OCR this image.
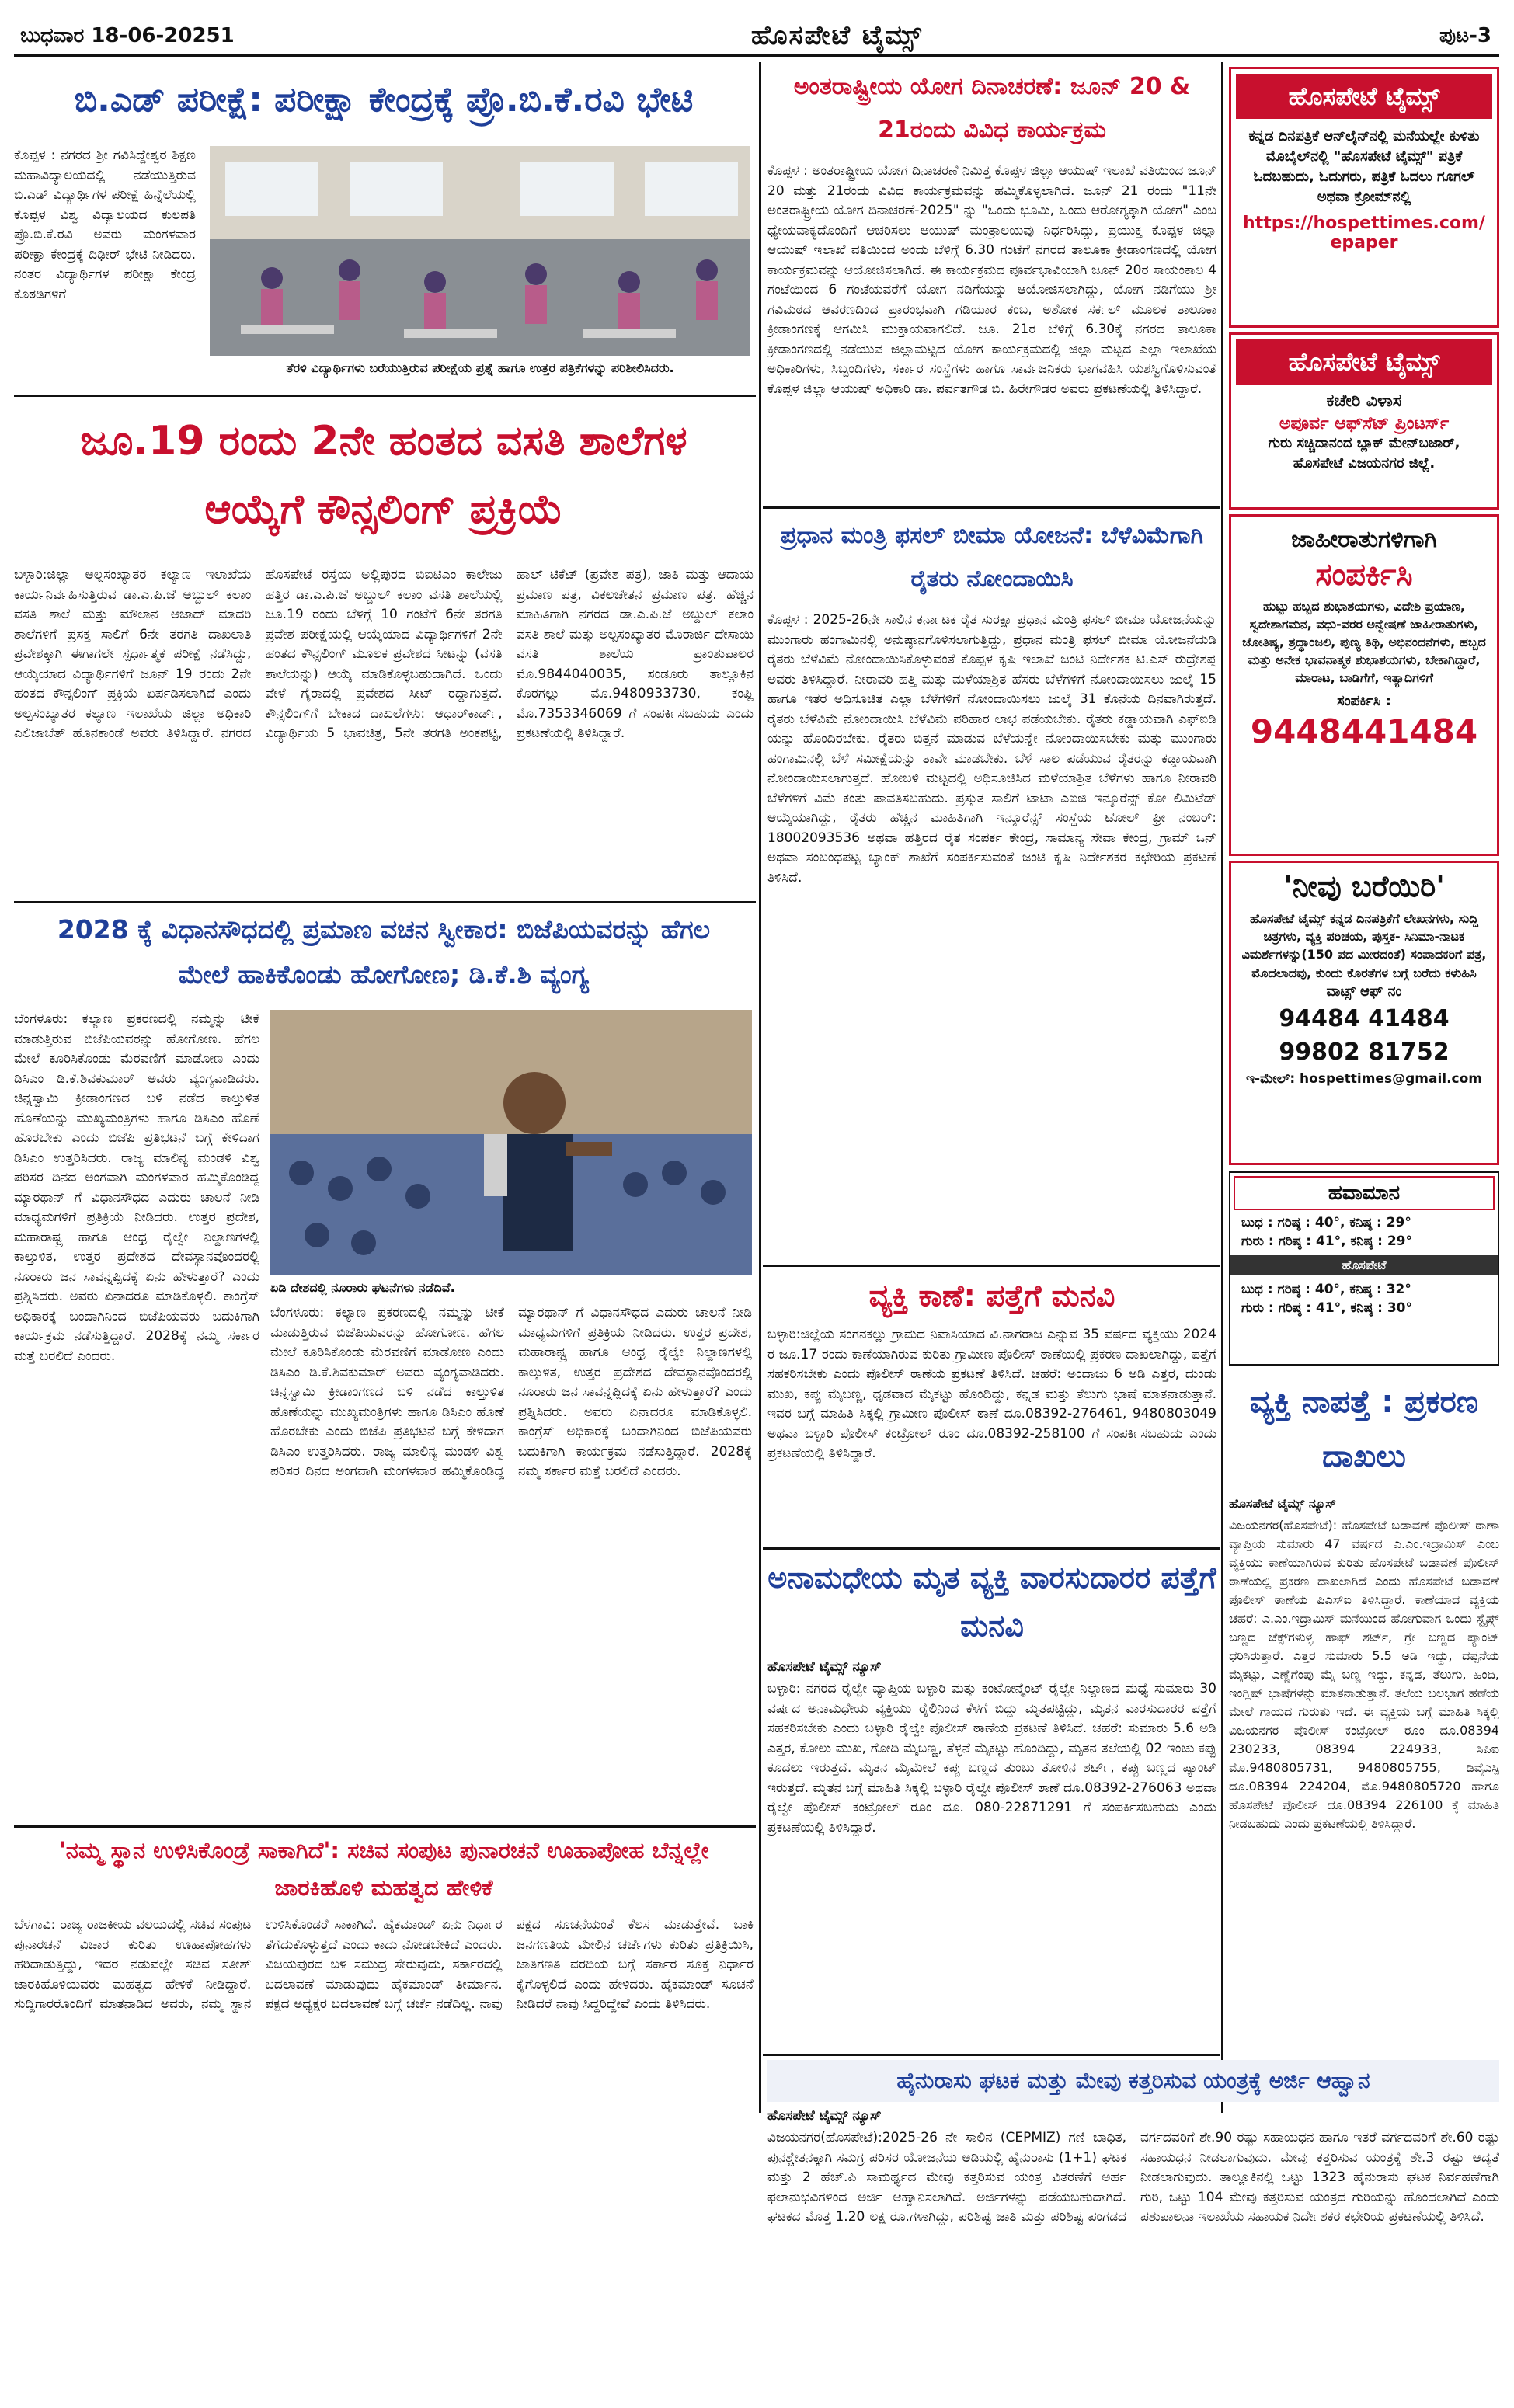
ಬುಧವಾರ 18-06-20251	ಹೊಸಪೇಟೆ ಟೈಮ್ಸ್	ಪುಟ-3
ಬಿ.ಎಡ್ ಪರೀಕ್ಷೆ: ಪರೀಕ್ಷಾ ಕೇಂದ್ರಕ್ಕೆ ಪ್ರೊ.ಬಿ.ಕೆ.ರವಿ ಭೇಟಿ
ಕೊಪ್ಪಳ : ನಗರದ ಶ್ರೀ ಗವಿಸಿದ್ದೇಶ್ವರ ಶಿಕ್ಷಣ ಮಹಾವಿದ್ಯಾಲಯದಲ್ಲಿ ನಡೆಯುತ್ತಿರುವ ಬಿ.ಎಡ್ ವಿದ್ಯಾರ್ಥಿಗಳ ಪರೀಕ್ಷೆ ಹಿನ್ನೆಲೆಯಲ್ಲಿ ಕೊಪ್ಪಳ ವಿಶ್ವ ವಿದ್ಯಾಲಯದ ಕುಲಪತಿ ಪ್ರೊ.ಬಿ.ಕೆ.ರವಿ ಅವರು ಮಂಗಳವಾರ ಪರೀಕ್ಷಾ ಕೇಂದ್ರಕ್ಕೆ ದಿಢೀರ್ ಭೇಟಿ ನೀಡಿದರು. ನಂತರ ವಿದ್ಯಾರ್ಥಿಗಳ ಪರೀಕ್ಷಾ ಕೇಂದ್ರ ಕೊಠಡಿಗಳಿಗೆ
ತೆರಳಿ ವಿದ್ಯಾರ್ಥಿಗಳು ಬರೆಯುತ್ತಿರುವ ಪರೀಕ್ಷೆಯ ಪ್ರಶ್ನೆ ಹಾಗೂ ಉತ್ತರ ಪತ್ರಿಕೆಗಳನ್ನು ಪರಿಶೀಲಿಸಿದರು.
ಜೂ.19 ರಂದು 2ನೇ ಹಂತದ ವಸತಿ ಶಾಲೆಗಳ ಆಯ್ಕೆಗೆ ಕೌನ್ಸಲಿಂಗ್ ಪ್ರಕ್ರಿಯೆ
ಬಳ್ಳಾರಿ:ಜಿಲ್ಲಾ ಅಲ್ಪಸಂಖ್ಯಾತರ ಕಲ್ಯಾಣ ಇಲಾಖೆಯ ಕಾರ್ಯನಿರ್ವಹಿಸುತ್ತಿರುವ ಡಾ.ಎ.ಪಿ.ಜೆ ಅಬ್ದುಲ್ ಕಲಾಂ ವಸತಿ ಶಾಲೆ ಮತ್ತು ಮೌಲಾನ ಆಜಾದ್ ಮಾದರಿ ಶಾಲೆಗಳಿಗೆ ಪ್ರಸಕ್ತ ಸಾಲಿಗೆ 6ನೇ ತರಗತಿ ದಾಖಲಾತಿ ಪ್ರವೇಶಕ್ಕಾಗಿ ಈಗಾಗಲೇ ಸ್ಪರ್ಧಾತ್ಮಕ ಪರೀಕ್ಷೆ ನಡೆಸಿದ್ದು, ಆಯ್ಕೆಯಾದ ವಿದ್ಯಾರ್ಥಿಗಳಿಗೆ ಜೂನ್ 19 ರಂದು 2ನೇ ಹಂತದ ಕೌನ್ಸಲಿಂಗ್ ಪ್ರಕ್ರಿಯೆ ಏರ್ಪಡಿಸಲಾಗಿದೆ ಎಂದು ಅಲ್ಪಸಂಖ್ಯಾತರ ಕಲ್ಯಾಣ ಇಲಾಖೆಯ ಜಿಲ್ಲಾ ಅಧಿಕಾರಿ ಎಲಿಜಾಬೆತ್ ಹೊನಕಾಂಡೆ ಅವರು ತಿಳಿಸಿದ್ದಾರೆ. ನಗರದ ಹೊಸಪೇಟೆ ರಸ್ತೆಯ ಅಲ್ಲಿಪುರದ ಬಿಐಟಿಎಂ ಕಾಲೇಜು ಹತ್ತಿರ ಡಾ.ಎ.ಪಿ.ಜೆ ಅಬ್ದುಲ್ ಕಲಾಂ ವಸತಿ ಶಾಲೆಯಲ್ಲಿ ಜೂ.19 ರಂದು ಬೆಳಿಗ್ಗೆ 10 ಗಂಟೆಗೆ 6ನೇ ತರಗತಿ ಪ್ರವೇಶ ಪರೀಕ್ಷೆಯಲ್ಲಿ ಆಯ್ಕೆಯಾದ ವಿದ್ಯಾರ್ಥಿಗಳಿಗೆ 2ನೇ ಹಂತದ ಕೌನ್ಸಲಿಂಗ್ ಮೂಲಕ ಪ್ರವೇಶದ ಸೀಟನ್ನು (ವಸತಿ ಶಾಲೆಯನ್ನು) ಆಯ್ಕೆ ಮಾಡಿಕೊಳ್ಳಬಹುದಾಗಿದೆ. ಒಂದು ವೇಳೆ ಗೈರಾದಲ್ಲಿ ಪ್ರವೇಶದ ಸೀಟ್ ರದ್ದಾಗುತ್ತದೆ. ಕೌನ್ಸಲಿಂಗ್‌ಗೆ ಬೇಕಾದ ದಾಖಲೆಗಳು: ಆಧಾರ್‌ಕಾರ್ಡ್, ವಿದ್ಯಾರ್ಥಿಯ 5 ಭಾವಚಿತ್ರ, 5ನೇ ತರಗತಿ ಅಂಕಪಟ್ಟಿ, ಹಾಲ್ ಟಿಕೆಟ್ (ಪ್ರವೇಶ ಪತ್ರ), ಜಾತಿ ಮತ್ತು ಆದಾಯ ಪ್ರಮಾಣ ಪತ್ರ, ವಿಕಲಚೇತನ ಪ್ರಮಾಣ ಪತ್ರ. ಹೆಚ್ಚಿನ ಮಾಹಿತಿಗಾಗಿ ನಗರದ ಡಾ.ಎ.ಪಿ.ಜೆ ಅಬ್ದುಲ್ ಕಲಾಂ ವಸತಿ ಶಾಲೆ ಮತ್ತು ಅಲ್ಪಸಂಖ್ಯಾತರ ಮೊರಾರ್ಜಿ ದೇಸಾಯಿ ವಸತಿ ಶಾಲೆಯ ಪ್ರಾಂಶುಪಾಲರ ಮೊ.9844040035, ಸಂಡೂರು ತಾಲ್ಲೂಕಿನ ಕೊರಗಲ್ಲು ಮೊ.9480933730, ಕಂಪ್ಲಿ ಮೊ.7353346069 ಗೆ ಸಂಪರ್ಕಿಸಬಹುದು ಎಂದು ಪ್ರಕಟಣೆಯಲ್ಲಿ ತಿಳಿಸಿದ್ದಾರೆ.
2028 ಕ್ಕೆ ವಿಧಾನಸೌಧದಲ್ಲಿ ಪ್ರಮಾಣ ವಚನ ಸ್ವೀಕಾರ: ಬಿಜೆಪಿಯವರನ್ನು ಹೆಗಲ ಮೇಲೆ ಹಾಕಿಕೊಂಡು ಹೋಗೋಣ; ಡಿ.ಕೆ.ಶಿ ವ್ಯಂಗ್ಯ
ಬೆಂಗಳೂರು: ಕಲ್ಯಾಣ ಪ್ರಕರಣದಲ್ಲಿ ನಮ್ಮನ್ನು ಟೀಕೆ ಮಾಡುತ್ತಿರುವ ಬಿಜೆಪಿಯವರನ್ನು ಹೋಗೋಣ. ಹೆಗಲ ಮೇಲೆ ಕೂರಿಸಿಕೊಂಡು ಮೆರವಣಿಗೆ ಮಾಡೋಣ ಎಂದು ಡಿಸಿಎಂ ಡಿ.ಕೆ.ಶಿವಕುಮಾರ್ ಅವರು ವ್ಯಂಗ್ಯವಾಡಿದರು. ಚಿನ್ನಸ್ವಾಮಿ ಕ್ರೀಡಾಂಗಣದ ಬಳಿ ನಡೆದ ಕಾಲ್ತುಳಿತ ಹೊಣೆಯನ್ನು ಮುಖ್ಯಮಂತ್ರಿಗಳು ಹಾಗೂ ಡಿಸಿಎಂ ಹೊಣೆ ಹೊರಬೇಕು ಎಂದು ಬಿಜೆಪಿ ಪ್ರತಿಭಟನೆ ಬಗ್ಗೆ ಕೇಳಿದಾಗ ಡಿಸಿಎಂ ಉತ್ತರಿಸಿದರು. ರಾಜ್ಯ ಮಾಲಿನ್ಯ ಮಂಡಳಿ ವಿಶ್ವ ಪರಿಸರ ದಿನದ ಅಂಗವಾಗಿ ಮಂಗಳವಾರ ಹಮ್ಮಿಕೊಂಡಿದ್ದ ಮ್ಯಾರಥಾನ್ ಗೆ ವಿಧಾನಸೌಧದ ಎದುರು ಚಾಲನೆ ನೀಡಿ ಮಾಧ್ಯಮಗಳಿಗೆ ಪ್ರತಿಕ್ರಿಯೆ ನೀಡಿದರು. ಉತ್ತರ ಪ್ರದೇಶ, ಮಹಾರಾಷ್ಟ್ರ ಹಾಗೂ ಆಂಧ್ರ ರೈಲ್ವೇ ನಿಲ್ದಾಣಗಳಲ್ಲಿ ಕಾಲ್ತುಳಿತ, ಉತ್ತರ ಪ್ರದೇಶದ ದೇವಸ್ಥಾನವೊಂದರಲ್ಲಿ ನೂರಾರು ಜನ ಸಾವನ್ನಪ್ಪಿದಕ್ಕೆ ಏನು ಹೇಳುತ್ತಾರೆ? ಎಂದು ಪ್ರಶ್ನಿಸಿದರು. ಅವರು ಏನಾದರೂ ಮಾಡಿಕೊಳ್ಳಲಿ. ಕಾಂಗ್ರೆಸ್ ಅಧಿಕಾರಕ್ಕೆ ಬಂದಾಗಿನಿಂದ ಬಿಜೆಪಿಯವರು ಬದುಕಿಗಾಗಿ ಕಾರ್ಯಕ್ರಮ ನಡೆಸುತ್ತಿದ್ದಾರೆ. 2028ಕ್ಕೆ ನಮ್ಮ ಸರ್ಕಾರ ಮತ್ತೆ ಬರಲಿದೆ ಎಂದರು.
ಏಡಿ ದೇಶದಲ್ಲಿ ನೂರಾರು ಘಟನೆಗಳು ನಡೆದಿವೆ.
ಬೆಂಗಳೂರು: ಕಲ್ಯಾಣ ಪ್ರಕರಣದಲ್ಲಿ ನಮ್ಮನ್ನು ಟೀಕೆ ಮಾಡುತ್ತಿರುವ ಬಿಜೆಪಿಯವರನ್ನು ಹೋಗೋಣ. ಹೆಗಲ ಮೇಲೆ ಕೂರಿಸಿಕೊಂಡು ಮೆರವಣಿಗೆ ಮಾಡೋಣ ಎಂದು ಡಿಸಿಎಂ ಡಿ.ಕೆ.ಶಿವಕುಮಾರ್ ಅವರು ವ್ಯಂಗ್ಯವಾಡಿದರು. ಚಿನ್ನಸ್ವಾಮಿ ಕ್ರೀಡಾಂಗಣದ ಬಳಿ ನಡೆದ ಕಾಲ್ತುಳಿತ ಹೊಣೆಯನ್ನು ಮುಖ್ಯಮಂತ್ರಿಗಳು ಹಾಗೂ ಡಿಸಿಎಂ ಹೊಣೆ ಹೊರಬೇಕು ಎಂದು ಬಿಜೆಪಿ ಪ್ರತಿಭಟನೆ ಬಗ್ಗೆ ಕೇಳಿದಾಗ ಡಿಸಿಎಂ ಉತ್ತರಿಸಿದರು. ರಾಜ್ಯ ಮಾಲಿನ್ಯ ಮಂಡಳಿ ವಿಶ್ವ ಪರಿಸರ ದಿನದ ಅಂಗವಾಗಿ ಮಂಗಳವಾರ ಹಮ್ಮಿಕೊಂಡಿದ್ದ ಮ್ಯಾರಥಾನ್ ಗೆ ವಿಧಾನಸೌಧದ ಎದುರು ಚಾಲನೆ ನೀಡಿ ಮಾಧ್ಯಮಗಳಿಗೆ ಪ್ರತಿಕ್ರಿಯೆ ನೀಡಿದರು. ಉತ್ತರ ಪ್ರದೇಶ, ಮಹಾರಾಷ್ಟ್ರ ಹಾಗೂ ಆಂಧ್ರ ರೈಲ್ವೇ ನಿಲ್ದಾಣಗಳಲ್ಲಿ ಕಾಲ್ತುಳಿತ, ಉತ್ತರ ಪ್ರದೇಶದ ದೇವಸ್ಥಾನವೊಂದರಲ್ಲಿ ನೂರಾರು ಜನ ಸಾವನ್ನಪ್ಪಿದಕ್ಕೆ ಏನು ಹೇಳುತ್ತಾರೆ? ಎಂದು ಪ್ರಶ್ನಿಸಿದರು. ಅವರು ಏನಾದರೂ ಮಾಡಿಕೊಳ್ಳಲಿ. ಕಾಂಗ್ರೆಸ್ ಅಧಿಕಾರಕ್ಕೆ ಬಂದಾಗಿನಿಂದ ಬಿಜೆಪಿಯವರು ಬದುಕಿಗಾಗಿ ಕಾರ್ಯಕ್ರಮ ನಡೆಸುತ್ತಿದ್ದಾರೆ. 2028ಕ್ಕೆ ನಮ್ಮ ಸರ್ಕಾರ ಮತ್ತೆ ಬರಲಿದೆ ಎಂದರು.
'ನಮ್ಮ ಸ್ಥಾನ ಉಳಿಸಿಕೊಂಡ್ರೆ ಸಾಕಾಗಿದೆ': ಸಚಿವ ಸಂಪುಟ ಪುನಾರಚನೆ ಊಹಾಪೋಹ ಬೆನ್ನಲ್ಲೇ ಜಾರಕಿಹೊಳಿ ಮಹತ್ವದ ಹೇಳಿಕೆ
ಬೆಳಗಾವಿ: ರಾಜ್ಯ ರಾಜಕೀಯ ವಲಯದಲ್ಲಿ ಸಚಿವ ಸಂಪುಟ ಪುನಾರಚನೆ ವಿಚಾರ ಕುರಿತು ಊಹಾಪೋಹಗಳು ಹರಿದಾಡುತ್ತಿದ್ದು, ಇದರ ನಡುವಲ್ಲೇ ಸಚಿವ ಸತೀಶ್ ಜಾರಕಿಹೊಳಿಯವರು ಮಹತ್ವದ ಹೇಳಿಕೆ ನೀಡಿದ್ದಾರೆ. ಸುದ್ದಿಗಾರರೊಂದಿಗೆ ಮಾತನಾಡಿದ ಅವರು, ನಮ್ಮ ಸ್ಥಾನ ಉಳಿಸಿಕೊಂಡರೆ ಸಾಕಾಗಿದೆ. ಹೈಕಮಾಂಡ್ ಏನು ನಿರ್ಧಾರ ತೆಗೆದುಕೊಳ್ಳುತ್ತದೆ ಎಂದು ಕಾದು ನೋಡಬೇಕಿದೆ ಎಂದರು. ವಿಜಯಪುರದ ಬಳಿ ಸಮುದ್ರ ಸೇರುವುದು, ಸರ್ಕಾರದಲ್ಲಿ ಬದಲಾವಣೆ ಮಾಡುವುದು ಹೈಕಮಾಂಡ್ ತೀರ್ಮಾನ. ಪಕ್ಷದ ಅಧ್ಯಕ್ಷರ ಬದಲಾವಣೆ ಬಗ್ಗೆ ಚರ್ಚೆ ನಡೆದಿಲ್ಲ. ನಾವು ಪಕ್ಷದ ಸೂಚನೆಯಂತೆ ಕೆಲಸ ಮಾಡುತ್ತೇವೆ. ಬಾಕಿ ಜನಗಣತಿಯ ಮೇಲಿನ ಚರ್ಚೆಗಳು ಕುರಿತು ಪ್ರತಿಕ್ರಿಯಿಸಿ, ಜಾತಿಗಣತಿ ವರದಿಯ ಬಗ್ಗೆ ಸರ್ಕಾರ ಸೂಕ್ತ ನಿರ್ಧಾರ ಕೈಗೊಳ್ಳಲಿದೆ ಎಂದು ಹೇಳಿದರು. ಹೈಕಮಾಂಡ್ ಸೂಚನೆ ನೀಡಿದರೆ ನಾವು ಸಿದ್ಧರಿದ್ದೇವೆ ಎಂದು ತಿಳಿಸಿದರು.
ಅಂತರಾಷ್ಟ್ರೀಯ ಯೋಗ ದಿನಾಚರಣೆ: ಜೂನ್ 20 & 21ರಂದು ವಿವಿಧ ಕಾರ್ಯಕ್ರಮ
ಕೊಪ್ಪಳ : ಅಂತರಾಷ್ಟ್ರೀಯ ಯೋಗ ದಿನಾಚರಣೆ ನಿಮಿತ್ತ ಕೊಪ್ಪಳ ಜಿಲ್ಲಾ ಆಯುಷ್ ಇಲಾಖೆ ವತಿಯಿಂದ ಜೂನ್ 20 ಮತ್ತು 21ರಂದು ವಿವಿಧ ಕಾರ್ಯಕ್ರಮವನ್ನು ಹಮ್ಮಿಕೊಳ್ಳಲಾಗಿದೆ. ಜೂನ್ 21 ರಂದು "11ನೇ ಅಂತರಾಷ್ಟ್ರೀಯ ಯೋಗ ದಿನಾಚರಣೆ-2025" ನ್ನು "ಒಂದು ಭೂಮಿ, ಒಂದು ಆರೋಗ್ಯಕ್ಕಾಗಿ ಯೋಗ" ಎಂಬ ಧ್ಯೇಯವಾಕ್ಯದೊಂದಿಗೆ ಆಚರಿಸಲು ಆಯುಷ್ ಮಂತ್ರಾಲಯವು ನಿರ್ಧರಿಸಿದ್ದು, ಪ್ರಯುಕ್ತ ಕೊಪ್ಪಳ ಜಿಲ್ಲಾ ಆಯುಷ್ ಇಲಾಖೆ ವತಿಯಿಂದ ಅಂದು ಬೆಳಿಗ್ಗೆ 6.30 ಗಂಟೆಗೆ ನಗರದ ತಾಲೂಕಾ ಕ್ರೀಡಾಂಗಣದಲ್ಲಿ ಯೋಗ ಕಾರ್ಯಕ್ರಮವನ್ನು ಆಯೋಜಿಸಲಾಗಿದೆ. ಈ ಕಾರ್ಯಕ್ರಮದ ಪೂರ್ವಭಾವಿಯಾಗಿ ಜೂನ್ 20ರ ಸಾಯಂಕಾಲ 4 ಗಂಟೆಯಿಂದ 6 ಗಂಟೆಯವರೆಗೆ ಯೋಗ ನಡಿಗೆಯನ್ನು ಆಯೋಜಿಸಲಾಗಿದ್ದು, ಯೋಗ ನಡಿಗೆಯು ಶ್ರೀ ಗವಿಮಠದ ಆವರಣದಿಂದ ಪ್ರಾರಂಭವಾಗಿ ಗಡಿಯಾರ ಕಂಬ, ಅಶೋಕ ಸರ್ಕಲ್ ಮೂಲಕ ತಾಲೂಕಾ ಕ್ರೀಡಾಂಗಣಕ್ಕೆ ಆಗಮಿಸಿ ಮುಕ್ತಾಯವಾಗಲಿದೆ. ಜೂ. 21ರ ಬೆಳಿಗ್ಗೆ 6.30ಕ್ಕೆ ನಗರದ ತಾಲೂಕಾ ಕ್ರೀಡಾಂಗಣದಲ್ಲಿ ನಡೆಯುವ ಜಿಲ್ಲಾಮಟ್ಟದ ಯೋಗ ಕಾರ್ಯಕ್ರಮದಲ್ಲಿ ಜಿಲ್ಲಾ ಮಟ್ಟದ ಎಲ್ಲಾ ಇಲಾಖೆಯ ಅಧಿಕಾರಿಗಳು, ಸಿಬ್ಬಂದಿಗಳು, ಸರ್ಕಾರ ಸಂಸ್ಥೆಗಳು ಹಾಗೂ ಸಾರ್ವಜನಿಕರು ಭಾಗವಹಿಸಿ ಯಶಸ್ವಿಗೊಳಿಸುವಂತೆ ಕೊಪ್ಪಳ ಜಿಲ್ಲಾ ಆಯುಷ್ ಅಧಿಕಾರಿ ಡಾ. ಪರ್ವತಗೌಡ ಬಿ. ಹಿರೇಗೌಡರ ಅವರು ಪ್ರಕಟಣೆಯಲ್ಲಿ ತಿಳಿಸಿದ್ದಾರೆ.
ಪ್ರಧಾನ ಮಂತ್ರಿ ಫಸಲ್ ಬೀಮಾ ಯೋಜನೆ: ಬೆಳೆವಿಮೆಗಾಗಿ ರೈತರು ನೋಂದಾಯಿಸಿ
ಕೊಪ್ಪಳ : 2025-26ನೇ ಸಾಲಿನ ಕರ್ನಾಟಕ ರೈತ ಸುರಕ್ಷಾ ಪ್ರಧಾನ ಮಂತ್ರಿ ಫಸಲ್ ಬೀಮಾ ಯೋಜನೆಯನ್ನು ಮುಂಗಾರು ಹಂಗಾಮಿನಲ್ಲಿ ಅನುಷ್ಠಾನಗೊಳಿಸಲಾಗುತ್ತಿದ್ದು, ಪ್ರಧಾನ ಮಂತ್ರಿ ಫಸಲ್ ಬೀಮಾ ಯೋಜನೆಯಡಿ ರೈತರು ಬೆಳೆವಿಮೆ ನೋಂದಾಯಿಸಿಕೊಳ್ಳುವಂತೆ ಕೊಪ್ಪಳ ಕೃಷಿ ಇಲಾಖೆ ಜಂಟಿ ನಿರ್ದೇಶಕ ಟಿ.ಎಸ್ ರುದ್ರೇಶಪ್ಪ ಅವರು ತಿಳಿಸಿದ್ದಾರೆ. ನೀರಾವರಿ ಹತ್ತಿ ಮತ್ತು ಮಳೆಯಾಶ್ರಿತ ಹೆಸರು ಬೆಳೆಗಳಿಗೆ ನೋಂದಾಯಿಸಲು ಜುಲೈ 15 ಹಾಗೂ ಇತರ ಅಧಿಸೂಚಿತ ಎಲ್ಲಾ ಬೆಳೆಗಳಿಗೆ ನೋಂದಾಯಿಸಲು ಜುಲೈ 31 ಕೊನೆಯ ದಿನವಾಗಿರುತ್ತದೆ. ರೈತರು ಬೆಳೆವಿಮೆ ನೋಂದಾಯಿಸಿ ಬೆಳೆವಿಮೆ ಪರಿಹಾರ ಲಾಭ ಪಡೆಯಬೇಕು. ರೈತರು ಕಡ್ಡಾಯವಾಗಿ ಎಫ್‌ಐಡಿ ಯನ್ನು ಹೊಂದಿರಬೇಕು. ರೈತರು ಬಿತ್ತನೆ ಮಾಡುವ ಬೆಳೆಯನ್ನೇ ನೋಂದಾಯಿಸಬೇಕು ಮತ್ತು ಮುಂಗಾರು ಹಂಗಾಮಿನಲ್ಲಿ ಬೆಳೆ ಸಮೀಕ್ಷೆಯನ್ನು ತಾವೇ ಮಾಡಬೇಕು. ಬೆಳೆ ಸಾಲ ಪಡೆಯುವ ರೈತರನ್ನು ಕಡ್ಡಾಯವಾಗಿ ನೋಂದಾಯಿಸಲಾಗುತ್ತದೆ. ಹೋಬಳಿ ಮಟ್ಟದಲ್ಲಿ ಅಧಿಸೂಚಿಸಿದ ಮಳೆಯಾಶ್ರಿತ ಬೆಳೆಗಳು ಹಾಗೂ ನೀರಾವರಿ ಬೆಳೆಗಳಿಗೆ ವಿಮೆ ಕಂತು ಪಾವತಿಸಬಹುದು. ಪ್ರಸ್ತುತ ಸಾಲಿಗೆ ಟಾಟಾ ಎಐಜಿ ಇನ್ಶೂರೆನ್ಸ್ ಕೋ ಲಿಮಿಟೆಡ್ ಆಯ್ಕೆಯಾಗಿದ್ದು, ರೈತರು ಹೆಚ್ಚಿನ ಮಾಹಿತಿಗಾಗಿ ಇನ್ಶೂರೆನ್ಸ್ ಸಂಸ್ಥೆಯ ಟೋಲ್ ಫ್ರೀ ನಂಬರ್: 18002093536 ಅಥವಾ ಹತ್ತಿರದ ರೈತ ಸಂಪರ್ಕ ಕೇಂದ್ರ, ಸಾಮಾನ್ಯ ಸೇವಾ ಕೇಂದ್ರ, ಗ್ರಾಮ್ ಒನ್ ಅಥವಾ ಸಂಬಂಧಪಟ್ಟ ಬ್ಯಾಂಕ್ ಶಾಖೆಗೆ ಸಂಪರ್ಕಿಸುವಂತೆ ಜಂಟಿ ಕೃಷಿ ನಿರ್ದೇಶಕರ ಕಛೇರಿಯ ಪ್ರಕಟಣೆ ತಿಳಿಸಿದೆ.
ವ್ಯಕ್ತಿ ಕಾಣೆ: ಪತ್ತೆಗೆ ಮನವಿ
ಬಳ್ಳಾರಿ:ಜಿಲ್ಲೆಯ ಸಂಗನಕಲ್ಲು ಗ್ರಾಮದ ನಿವಾಸಿಯಾದ ವಿ.ನಾಗರಾಜ ಎನ್ನುವ 35 ವರ್ಷದ ವ್ಯಕ್ತಿಯು 2024 ರ ಜೂ.17 ರಂದು ಕಾಣೆಯಾಗಿರುವ ಕುರಿತು ಗ್ರಾಮೀಣ ಪೊಲೀಸ್ ಠಾಣೆಯಲ್ಲಿ ಪ್ರಕರಣ ದಾಖಲಾಗಿದ್ದು, ಪತ್ತೆಗೆ ಸಹಕರಿಸಬೇಕು ಎಂದು ಪೊಲೀಸ್ ಠಾಣೆಯ ಪ್ರಕಟಣೆ ತಿಳಿಸಿದೆ. ಚಹರೆ: ಅಂದಾಜು 6 ಅಡಿ ಎತ್ತರ, ದುಂಡು ಮುಖ, ಕಪ್ಪು ಮೈಬಣ್ಣ, ಧೃಡವಾದ ಮೈಕಟ್ಟು ಹೊಂದಿದ್ದು, ಕನ್ನಡ ಮತ್ತು ತೆಲುಗು ಭಾಷೆ ಮಾತನಾಡುತ್ತಾನೆ. ಇವರ ಬಗ್ಗೆ ಮಾಹಿತಿ ಸಿಕ್ಕಲ್ಲಿ ಗ್ರಾಮೀಣ ಪೊಲೀಸ್ ಠಾಣೆ ದೂ.08392-276461, 9480803049 ಅಥವಾ ಬಳ್ಳಾರಿ ಪೊಲೀಸ್ ಕಂಟ್ರೋಲ್ ರೂಂ ದೂ.08392-258100 ಗೆ ಸಂಪರ್ಕಿಸಬಹುದು ಎಂದು ಪ್ರಕಟಣೆಯಲ್ಲಿ ತಿಳಿಸಿದ್ದಾರೆ.
ಅನಾಮಧೇಯ ಮೃತ ವ್ಯಕ್ತಿ ವಾರಸುದಾರರ ಪತ್ತೆಗೆ ಮನವಿ
ಹೊಸಪೇಟೆ ಟೈಮ್ಸ್ ನ್ಯೂಸ್
ಬಳ್ಳಾರಿ: ನಗರದ ರೈಲ್ವೇ ವ್ಯಾಪ್ತಿಯ ಬಳ್ಳಾರಿ ಮತ್ತು ಕಂಟೋನ್ಮೆಂಟ್ ರೈಲ್ವೇ ನಿಲ್ದಾಣದ ಮಧ್ಯೆ ಸುಮಾರು 30 ವರ್ಷದ ಅನಾಮಧೇಯ ವ್ಯಕ್ತಿಯು ರೈಲಿನಿಂದ ಕೆಳಗೆ ಬಿದ್ದು ಮೃತಪಟ್ಟಿದ್ದು, ಮೃತನ ವಾರಸುದಾರರ ಪತ್ತೆಗೆ ಸಹಕರಿಸಬೇಕು ಎಂದು ಬಳ್ಳಾರಿ ರೈಲ್ವೇ ಪೊಲೀಸ್ ಠಾಣೆಯ ಪ್ರಕಟಣೆ ತಿಳಿಸಿದೆ. ಚಹರೆ: ಸುಮಾರು 5.6 ಅಡಿ ಎತ್ತರ, ಕೋಲು ಮುಖ, ಗೋದಿ ಮೈಬಣ್ಣ, ತೆಳ್ಳನೆ ಮೈಕಟ್ಟು ಹೊಂದಿದ್ದು, ಮೃತನ ತಲೆಯಲ್ಲಿ 02 ಇಂಚು ಕಪ್ಪು ಕೂದಲು ಇರುತ್ತದೆ. ಮೃತನ ಮೈಮೇಲೆ ಕಪ್ಪು ಬಣ್ಣದ ತುಂಬು ತೋಳಿನ ಶರ್ಟ್, ಕಪ್ಪು ಬಣ್ಣದ ಪ್ಯಾಂಟ್ ಇರುತ್ತದೆ. ಮೃತನ ಬಗ್ಗೆ ಮಾಹಿತಿ ಸಿಕ್ಕಲ್ಲಿ ಬಳ್ಳಾರಿ ರೈಲ್ವೇ ಪೊಲೀಸ್ ಠಾಣೆ ದೂ.08392-276063 ಅಥವಾ ರೈಲ್ವೇ ಪೊಲೀಸ್ ಕಂಟ್ರೋಲ್ ರೂಂ ದೂ. 080-22871291 ಗೆ ಸಂಪರ್ಕಿಸಬಹುದು ಎಂದು ಪ್ರಕಟಣೆಯಲ್ಲಿ ತಿಳಿಸಿದ್ದಾರೆ.
ಹೈನುರಾಸು ಘಟಕ ಮತ್ತು ಮೇವು ಕತ್ತರಿಸುವ ಯಂತ್ರಕ್ಕೆ ಅರ್ಜಿ ಆಹ್ವಾನ
ಹೊಸಪೇಟೆ ಟೈಮ್ಸ್ ನ್ಯೂಸ್
ವಿಜಯನಗರ(ಹೊಸಪೇಟೆ):2025-26 ನೇ ಸಾಲಿನ (CEPMIZ) ಗಣಿ ಬಾಧಿತ, ಪುನಶ್ಚೇತನಕ್ಕಾಗಿ ಸಮಗ್ರ ಪರಿಸರ ಯೋಜನೆಯ ಅಡಿಯಲ್ಲಿ ಹೈನುರಾಸು (1+1) ಘಟಕ ಮತ್ತು 2 ಹೆಚ್.ಪಿ ಸಾಮರ್ಥ್ಯದ ಮೇವು ಕತ್ತರಿಸುವ ಯಂತ್ರ ವಿತರಣೆಗೆ ಅರ್ಹ ಫಲಾನುಭವಿಗಳಿಂದ ಅರ್ಜಿ ಆಹ್ವಾನಿಸಲಾಗಿದೆ. ಅರ್ಜಿಗಳನ್ನು ಪಡೆಯಬಹುದಾಗಿದೆ. ಘಟಕದ ಮೊತ್ತ 1.20 ಲಕ್ಷ ರೂ.ಗಳಾಗಿದ್ದು, ಪರಿಶಿಷ್ಟ ಜಾತಿ ಮತ್ತು ಪರಿಶಿಷ್ಟ ಪಂಗಡದ ವರ್ಗದವರಿಗೆ ಶೇ.90 ರಷ್ಟು ಸಹಾಯಧನ ಹಾಗೂ ಇತರೆ ವರ್ಗದವರಿಗೆ ಶೇ.60 ರಷ್ಟು ಸಹಾಯಧನ ನೀಡಲಾಗುವುದು. ಮೇವು ಕತ್ತರಿಸುವ ಯಂತ್ರಕ್ಕೆ ಶೇ.3 ರಷ್ಟು ಆದ್ಯತೆ ನೀಡಲಾಗುವುದು. ತಾಲ್ಲೂಕಿನಲ್ಲಿ ಒಟ್ಟು 1323 ಹೈನುರಾಸು ಘಟಕ ನಿರ್ವಹಣೆಗಾಗಿ ಗುರಿ, ಒಟ್ಟು 104 ಮೇವು ಕತ್ತರಿಸುವ ಯಂತ್ರದ ಗುರಿಯನ್ನು ಹೊಂದಲಾಗಿದೆ ಎಂದು ಪಶುಪಾಲನಾ ಇಲಾಖೆಯ ಸಹಾಯಕ ನಿರ್ದೇಶಕರ ಕಛೇರಿಯ ಪ್ರಕಟಣೆಯಲ್ಲಿ ತಿಳಿಸಿದೆ.
ಹೊಸಪೇಟೆ ಟೈಮ್ಸ್
ಕನ್ನಡ ದಿನಪತ್ರಿಕೆ ಆನ್‌ಲೈನ್‌ನಲ್ಲಿ ಮನೆಯಲ್ಲೇ ಕುಳಿತು ಮೊಬೈಲ್‌ನಲ್ಲಿ "ಹೊಸಪೇಟೆ ಟೈಮ್ಸ್" ಪತ್ರಿಕೆ ಓದಬಹುದು, ಓದುಗರು, ಪತ್ರಿಕೆ ಓದಲು ಗೂಗಲ್ ಅಥವಾ ಕ್ರೋಮ್‌ನಲ್ಲಿ
https://hospettimes.com/ epaper
ಹೊಸಪೇಟೆ ಟೈಮ್ಸ್
ಕಚೇರಿ ವಿಳಾಸ
ಅಪೂರ್ವ ಆಫ್‌ಸೆಟ್ ಪ್ರಿಂಟರ್ಸ್
ಗುರು ಸಚ್ಚಿದಾನಂದ ಬ್ಲಾಕ್ ಮೇನ್‌ಬಜಾರ್, ಹೊಸಪೇಟೆ ವಿಜಯನಗರ ಜಿಲ್ಲೆ.
ಜಾಹೀರಾತುಗಳಿಗಾಗಿ
ಸಂಪರ್ಕಿಸಿ
ಹುಟ್ಟು ಹಬ್ಬದ ಶುಭಾಶಯಗಳು, ವಿದೇಶಿ ಪ್ರಯಾಣ, ಸ್ವದೇಶಾಗಮನ, ವಧು-ವರರ ಅನ್ವೇಷಣೆ ಜಾಹೀರಾತುಗಳು, ಜೋತಿಷ್ಯ, ಶ್ರದ್ಧಾಂಜಲಿ, ಪುಣ್ಯ ತಿಥಿ, ಅಭಿನಂದನೆಗಳು, ಹಬ್ಬದ ಮತ್ತು ಅನೇಕ ಭಾವನಾತ್ಮಕ ಶುಭಾಶಯಗಳು, ಬೇಕಾಗಿದ್ದಾರೆ, ಮಾರಾಟ, ಬಾಡಿಗೆಗೆ, ಇತ್ಯಾದಿಗಳಿಗೆ
ಸಂಪರ್ಕಿಸಿ :
9448441484
'ನೀವು ಬರೆಯಿರಿ'
ಹೊಸಪೇಟೆ ಟೈಮ್ಸ್ ಕನ್ನಡ ದಿನಪತ್ರಿಕೆಗೆ ಲೇಖನಗಳು, ಸುದ್ದಿ ಚಿತ್ರಗಳು, ವ್ಯಕ್ತಿ ಪರಿಚಯ, ಪುಸ್ತಕ- ಸಿನಿಮಾ-ನಾಟಕ ವಿಮರ್ಶೆಗಳನ್ನು(150 ಪದ ಮೀರದಂತೆ) ಸಂಪಾದಕರಿಗೆ ಪತ್ರ, ಮೊದಲಾದವು, ಕುಂದು ಕೊರತೆಗಳ ಬಗ್ಗೆ ಬರೆದು ಕಳುಹಿಸಿ
ವಾಟ್ಸ್ ಆಫ್ ನಂ
94484 41484
99802 81752
ಇ-ಮೇಲ್: hospettimes@gmail.com
ಹವಾಮಾನ
ಬುಧ : ಗರಿಷ್ಠ : 40°, ಕನಿಷ್ಠ : 29°
ಗುರು : ಗರಿಷ್ಠ : 41°, ಕನಿಷ್ಠ : 29°
ಹೊಸಪೇಟೆ
ಬುಧ : ಗರಿಷ್ಠ : 40°, ಕನಿಷ್ಠ : 32°
ಗುರು : ಗರಿಷ್ಠ : 41°, ಕನಿಷ್ಠ : 30°
ವ್ಯಕ್ತಿ ನಾಪತ್ತೆ : ಪ್ರಕರಣ ದಾಖಲು
ಹೊಸಪೇಟೆ ಟೈಮ್ಸ್ ನ್ಯೂಸ್
ವಿಜಯನಗರ(ಹೊಸಪೇಟೆ): ಹೊಸಪೇಟೆ ಬಡಾವಣೆ ಪೊಲೀಸ್ ಠಾಣಾ ವ್ಯಾಪ್ತಿಯ ಸುಮಾರು 47 ವರ್ಷದ ಎ.ಎಂ.ಇದ್ರಾಮಿಸ್ ಎಂಬ ವ್ಯಕ್ತಿಯು ಕಾಣೆಯಾಗಿರುವ ಕುರಿತು ಹೊಸಪೇಟೆ ಬಡಾವಣೆ ಪೊಲೀಸ್ ಠಾಣೆಯಲ್ಲಿ ಪ್ರಕರಣ ದಾಖಲಾಗಿದೆ ಎಂದು ಹೊಸಪೇಟೆ ಬಡಾವಣೆ ಪೊಲೀಸ್ ಠಾಣೆಯ ಪಿಎಸ್‌ಐ ತಿಳಿಸಿದ್ದಾರೆ. ಕಾಣೆಯಾದ ವ್ಯಕ್ತಿಯ ಚಹರೆ: ಎ.ಎಂ.ಇದ್ರಾಮಿಸ್ ಮನೆಯಿಂದ ಹೋಗುವಾಗ ಒಂದು ಸ್ಟೈಪ್ಸ್ ಬಣ್ಣದ ಚೆಕ್ಸ್‌ಗಳುಳ್ಳ ಹಾಫ್ ಶರ್ಟ್, ಗ್ರೇ ಬಣ್ಣದ ಪ್ಯಾಂಟ್ ಧರಿಸಿರುತ್ತಾರೆ. ಎತ್ತರ ಸುಮಾರು 5.5 ಅಡಿ ಇದ್ದು, ದಪ್ಪನೆಯ ಮೈಕಟ್ಟು, ಎಣ್ಣೆಗೆಂಪು ಮೈ ಬಣ್ಣ ಇದ್ದು, ಕನ್ನಡ, ತೆಲುಗು, ಹಿಂದಿ, ಇಂಗ್ಲಿಷ್ ಭಾಷೆಗಳನ್ನು ಮಾತನಾಡುತ್ತಾನೆ. ತಲೆಯ ಬಲಭಾಗ ಹಣೆಯ ಮೇಲೆ ಗಾಯದ ಗುರುತು ಇದೆ. ಈ ವ್ಯಕ್ತಿಯ ಬಗ್ಗೆ ಮಾಹಿತಿ ಸಿಕ್ಕಲ್ಲಿ ವಿಜಯನಗರ ಪೊಲೀಸ್ ಕಂಟ್ರೋಲ್ ರೂಂ ದೂ.08394 230233, 08394 224933, ಸಿಪಿಐ ಮೊ.9480805731, 9480805755, ಡಿವೈಎಸ್ಪಿ ದೂ.08394 224204, ಮೊ.9480805720 ಹಾಗೂ ಹೊಸಪೇಟೆ ಪೊಲೀಸ್ ದೂ.08394 226100 ಕ್ಕೆ ಮಾಹಿತಿ ನೀಡಬಹುದು ಎಂದು ಪ್ರಕಟಣೆಯಲ್ಲಿ ತಿಳಿಸಿದ್ದಾರೆ.
